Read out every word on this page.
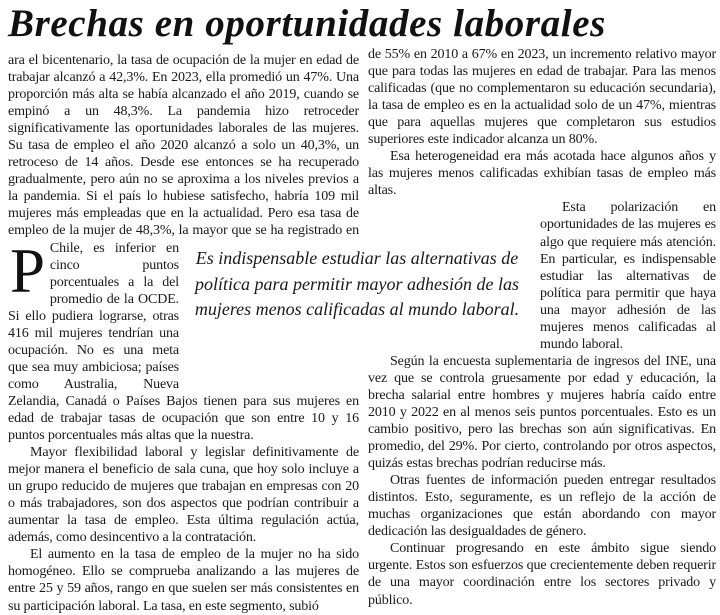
Brechas en oportunidades laborales

P
ara el bicentenario, la tasa de ocupación de la mujer en edad de trabajar alcanzó a 42,3%. En 2023, ella promedió un 47%. Una proporción más alta se había alcanzado el año 2019, cuando se empinó a un 48,3%. La pandemia hizo retroceder significativamente las oportunidades laborales de las mujeres. Su tasa de empleo el año 2020 alcanzó a solo un 40,3%, un retroceso de 14 años. Desde ese entonces se ha recuperado gradualmente, pero aún no se aproxima a los niveles previos a la pandemia. Si el país lo hubiese satisfecho, habría 109 mil mujeres más empleadas que en la actualidad. Pero esa tasa de empleo de la mujer de 48,3%, la mayor que se ha registrado en Chile, es inferior en cinco puntos porcentuales a la del promedio de la OCDE. Si ello pudiera lograrse, otras 416 mil mujeres tendrían una ocupación. No es una meta que sea muy ambiciosa; países como Australia, Nueva Zelandia, Canadá o Países Bajos tienen para sus mujeres en edad de trabajar tasas de ocupación que son entre 10 y 16 puntos porcentuales más altas que la nuestra.

Mayor flexibilidad laboral y legislar definitivamente de mejor manera el beneficio de sala cuna, que hoy solo incluye a un grupo reducido de mujeres que trabajan en empresas con 20 o más trabajadores, son dos aspectos que podrían contribuir a aumentar la tasa de empleo. Esta última regulación actúa, además, como desincentivo a la contratación.

El aumento en la tasa de empleo de la mujer no ha sido homogéneo. Ello se comprueba analizando a las mujeres de entre 25 y 59 años, rango en que suelen ser más consistentes en su participación laboral. La tasa, en este segmento, subió

de 55% en 2010 a 67% en 2023, un incremento relativo mayor que para todas las mujeres en edad de trabajar. Para las menos calificadas (que no complementaron su educación secundaria), la tasa de empleo es en la actualidad solo de un 47%, mientras que para aquellas mujeres que completaron sus estudios superiores este indicador alcanza un 80%.

Esa heterogeneidad era más acotada hace algunos años y las mujeres menos calificadas exhibían tasas de empleo más altas.

Esta polarización en oportunidades de las mujeres es algo que requiere más atención. En particular, es indispensable estudiar las alternativas de política para permitir que haya una mayor adhesión de las mujeres menos calificadas al mundo laboral.

Según la encuesta suplementaria de ingresos del INE, una vez que se controla gruesamente por edad y educación, la brecha salarial entre hombres y mujeres habría caído entre 2010 y 2022 en al menos seis puntos porcentuales. Esto es un cambio positivo, pero las brechas son aún significativas. En promedio, del 29%. Por cierto, controlando por otros aspectos, quizás estas brechas podrían reducirse más.

Otras fuentes de información pueden entregar resultados distintos. Esto, seguramente, es un reflejo de la acción de muchas organizaciones que están abordando con mayor dedicación las desigualdades de género.

Continuar progresando en este ámbito sigue siendo urgente. Estos son esfuerzos que crecientemente deben requerir de una mayor coordinación entre los sectores privado y público.

Es indispensable estudiar las alternativas de política para permitir mayor adhesión de las mujeres menos calificadas al mundo laboral.
